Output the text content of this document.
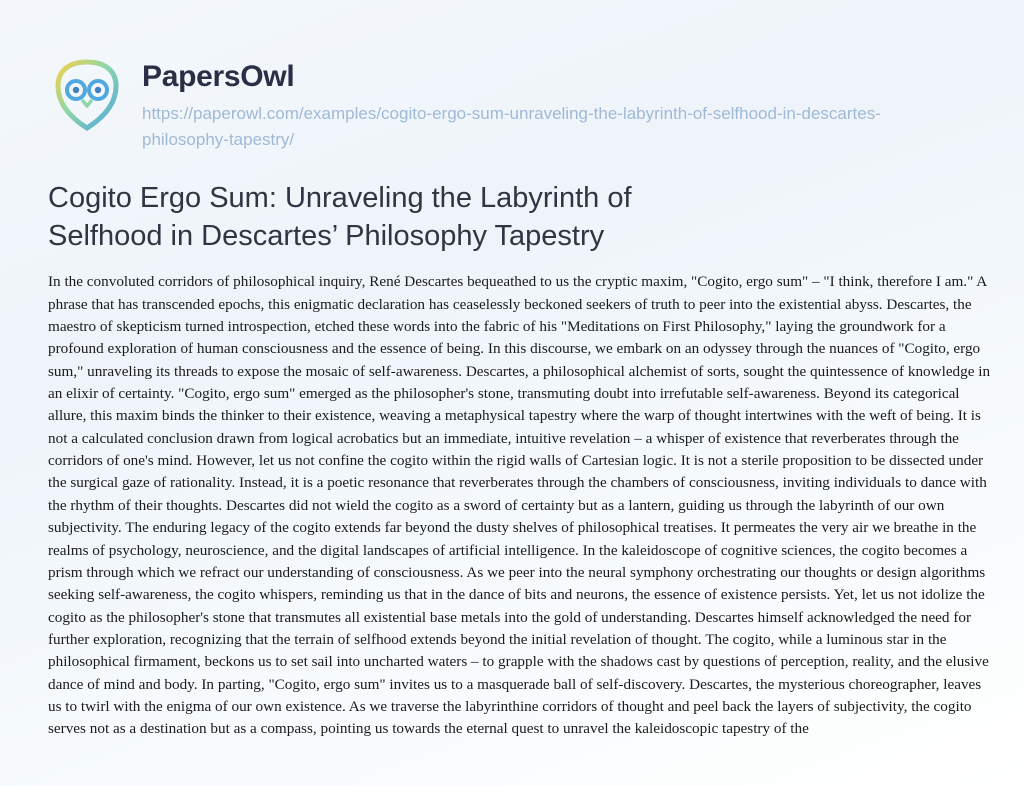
PapersOwl
https://paperowl.com/examples/cogito-ergo-sum-unraveling-the-labyrinth-of-selfhood-in-descartes-philosophy-tapestry/
Cogito Ergo Sum: Unraveling the Labyrinth of Selfhood in Descartes’ Philosophy Tapestry
In the convoluted corridors of philosophical inquiry, René Descartes bequeathed to us the cryptic maxim, "Cogito, ergo sum" – "I think, therefore I am." A phrase that has transcended epochs, this enigmatic declaration has ceaselessly beckoned seekers of truth to peer into the existential abyss. Descartes, the maestro of skepticism turned introspection, etched these words into the fabric of his "Meditations on First Philosophy," laying the groundwork for a profound exploration of human consciousness and the essence of being. In this discourse, we embark on an odyssey through the nuances of "Cogito, ergo sum," unraveling its threads to expose the mosaic of self-awareness. Descartes, a philosophical alchemist of sorts, sought the quintessence of knowledge in an elixir of certainty. "Cogito, ergo sum" emerged as the philosopher's stone, transmuting doubt into irrefutable self-awareness. Beyond its categorical allure, this maxim binds the thinker to their existence, weaving a metaphysical tapestry where the warp of thought intertwines with the weft of being. It is not a calculated conclusion drawn from logical acrobatics but an immediate, intuitive revelation – a whisper of existence that reverberates through the corridors of one's mind. However, let us not confine the cogito within the rigid walls of Cartesian logic. It is not a sterile proposition to be dissected under the surgical gaze of rationality. Instead, it is a poetic resonance that reverberates through the chambers of consciousness, inviting individuals to dance with the rhythm of their thoughts. Descartes did not wield the cogito as a sword of certainty but as a lantern, guiding us through the labyrinth of our own subjectivity. The enduring legacy of the cogito extends far beyond the dusty shelves of philosophical treatises. It permeates the very air we breathe in the realms of psychology, neuroscience, and the digital landscapes of artificial intelligence. In the kaleidoscope of cognitive sciences, the cogito becomes a prism through which we refract our understanding of consciousness. As we peer into the neural symphony orchestrating our thoughts or design algorithms seeking self-awareness, the cogito whispers, reminding us that in the dance of bits and neurons, the essence of existence persists. Yet, let us not idolize the cogito as the philosopher's stone that transmutes all existential base metals into the gold of understanding. Descartes himself acknowledged the need for further exploration, recognizing that the terrain of selfhood extends beyond the initial revelation of thought. The cogito, while a luminous star in the philosophical firmament, beckons us to set sail into uncharted waters – to grapple with the shadows cast by questions of perception, reality, and the elusive dance of mind and body. In parting, "Cogito, ergo sum" invites us to a masquerade ball of self-discovery. Descartes, the mysterious choreographer, leaves us to twirl with the enigma of our own existence. As we traverse the labyrinthine corridors of thought and peel back the layers of subjectivity, the cogito serves not as a destination but as a compass, pointing us towards the eternal quest to unravel the kaleidoscopic tapestry of the
